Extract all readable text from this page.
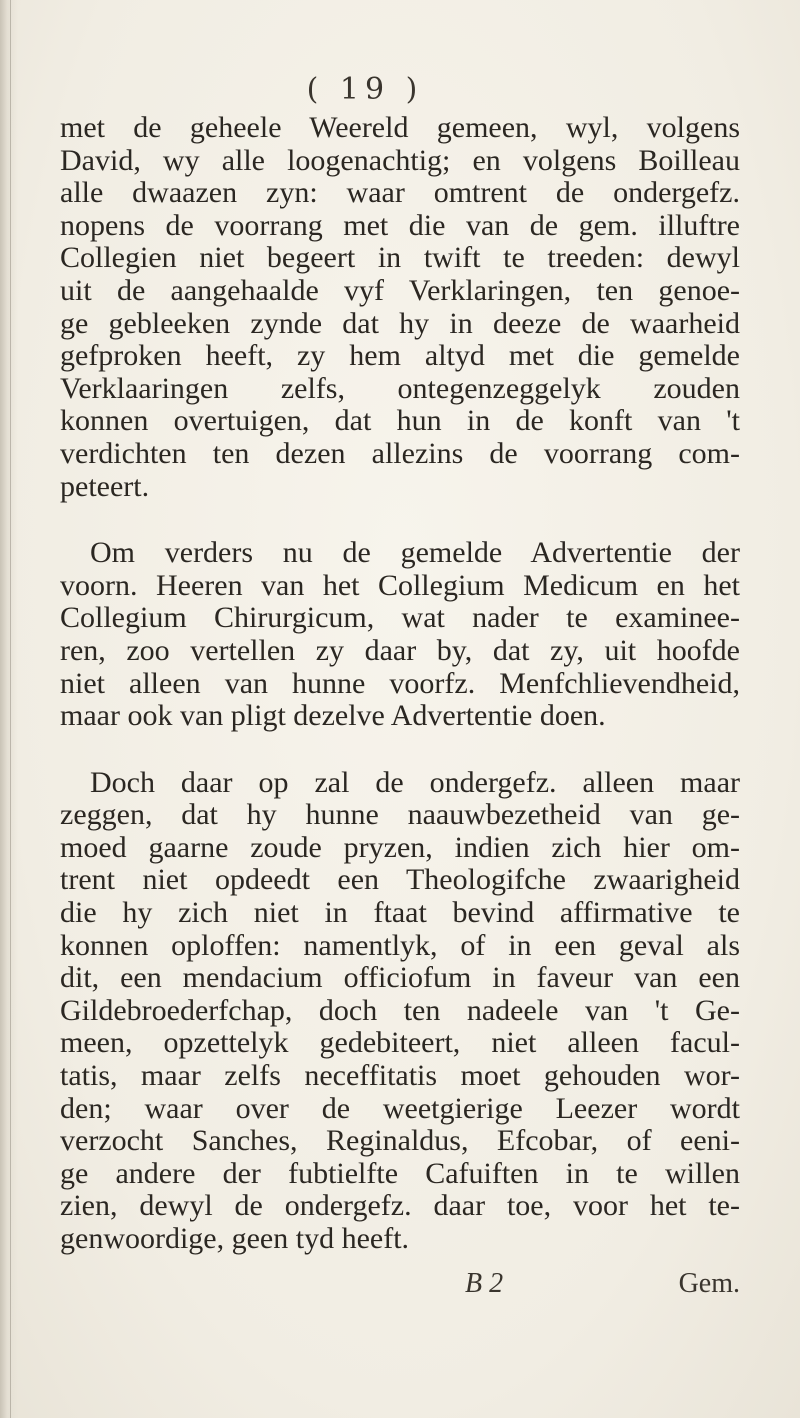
( 19 )

met de geheele Weereld gemeen, wyl, volgens
David, wy alle loogenachtig; en volgens Boilleau
alle dwaazen zyn: waar omtrent de ondergefz.
nopens de voorrang met die van de gem. illuftre
Collegien niet begeert in twift te treeden: dewyl
uit de aangehaalde vyf Verklaringen, ten genoe-
ge gebleeken zynde dat hy in deeze de waarheid
gefproken heeft, zy hem altyd met die gemelde
Verklaaringen zelfs, ontegenzeggelyk zouden
konnen overtuigen, dat hun in de konft van 't
verdichten ten dezen allezins de voorrang com-
peteert.

Om verders nu de gemelde Advertentie der
voorn. Heeren van het Collegium Medicum en het
Collegium Chirurgicum, wat nader te examinee-
ren, zoo vertellen zy daar by, dat zy, uit hoofde
niet alleen van hunne voorfz. Menfchlievendheid,
maar ook van pligt dezelve Advertentie doen.

Doch daar op zal de ondergefz. alleen maar
zeggen, dat hy hunne naauwbezetheid van ge-
moed gaarne zoude pryzen, indien zich hier om-
trent niet opdeedt een Theologifche zwaarigheid
die hy zich niet in ftaat bevind affirmative te
konnen oploffen: namentlyk, of in een geval als
dit, een mendacium officiofum in faveur van een
Gildebroederfchap, doch ten nadeele van 't Ge-
meen, opzettelyk gedebiteert, niet alleen facul-
tatis, maar zelfs neceffitatis moet gehouden wor-
den; waar over de weetgierige Leezer wordt
verzocht Sanches, Reginaldus, Efcobar, of eeni-
ge andere der fubtielfte Cafuiften in te willen
zien, dewyl de ondergefz. daar toe, voor het te-
genwoordige, geen tyd heeft.

B 2	Gem.
